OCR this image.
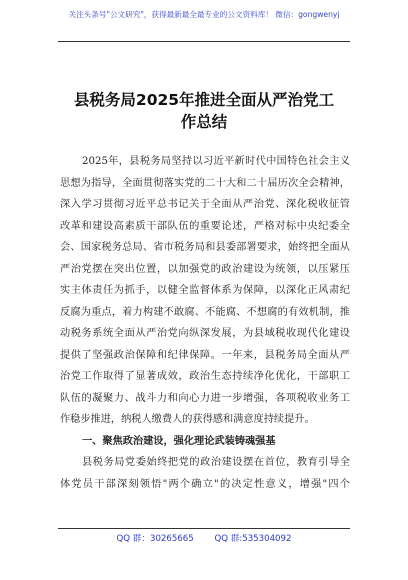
关注头条号"公文研究"，获得最新最全最专业的公文资料库！ 微信：gongwenyj
县税务局2025年推进全面从严治党工
作总结
2025年，县税务局坚持以习近平新时代中国特色社会主义
思想为指导，全面贯彻落实党的二十大和二十届历次全会精神，
深入学习贯彻习近平总书记关于全面从严治党、深化税收征管
改革和建设高素质干部队伍的重要论述，严格对标中央纪委全
会、国家税务总局、省市税务局和县委部署要求，始终把全面从
严治党摆在突出位置，以加强党的政治建设为统领，以压紧压
实主体责任为抓手，以健全监督体系为保障，以深化正风肃纪
反腐为重点，着力构建不敢腐、不能腐、不想腐的有效机制，推
动税务系统全面从严治党向纵深发展，为县域税收现代化建设
提供了坚强政治保障和纪律保障。一年来，县税务局全面从严
治党工作取得了显著成效，政治生态持续净化优化，干部职工
队伍的凝聚力、战斗力和向心力进一步增强，各项税收业务工
作稳步推进，纳税人缴费人的获得感和满意度持续提升。
一、聚焦政治建设，强化理论武装铸魂强基
县税务局党委始终把党的政治建设摆在首位，教育引导全
体党员干部深刻领悟"两个确立"的决定性意义，增强"四个
QQ 群：30265665 QQ 群:535304092
